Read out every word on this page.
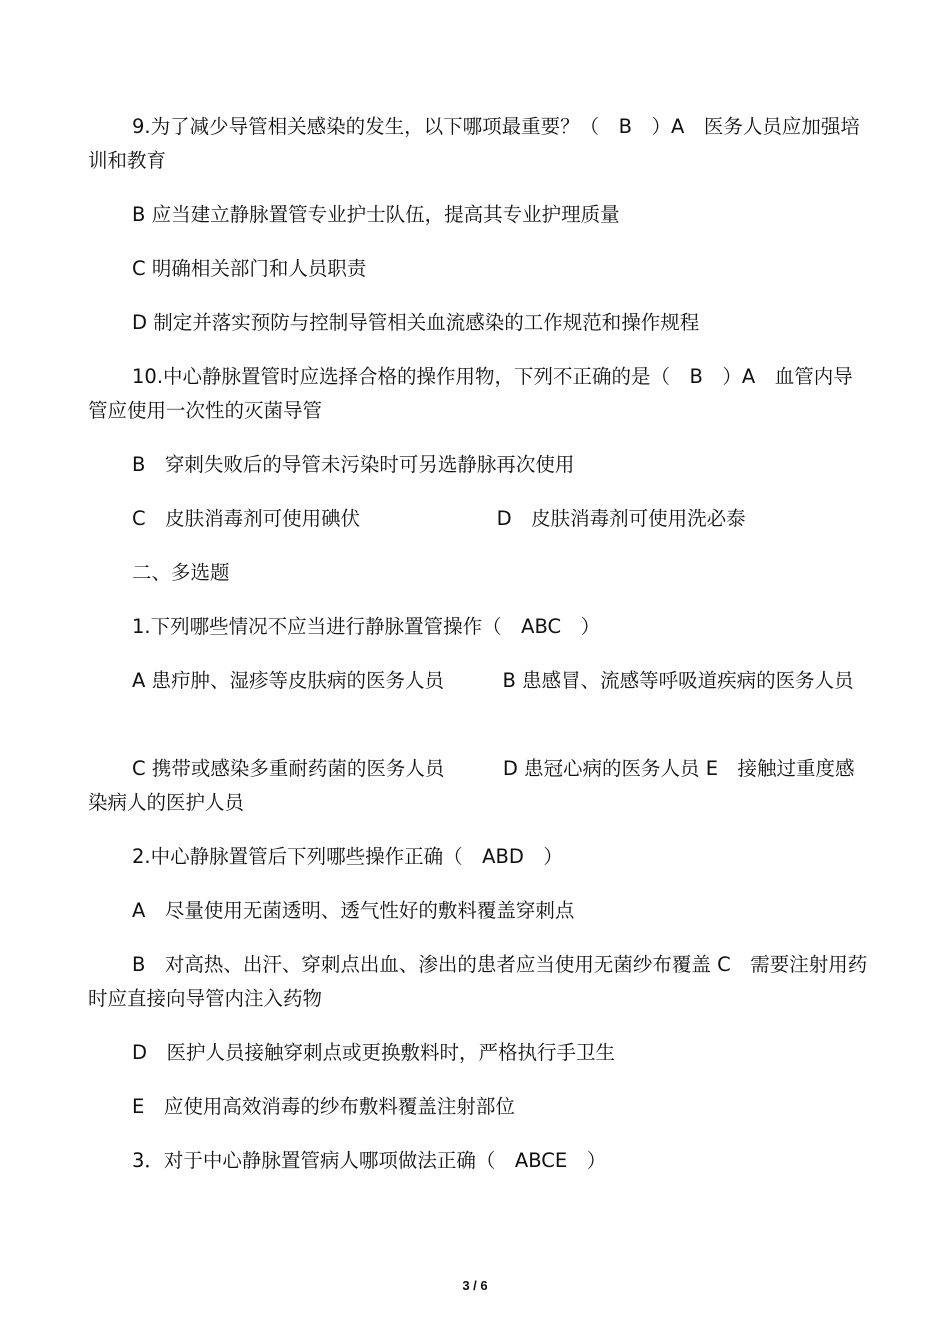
9.为了减少导管相关感染的发生，以下哪项最重要？（　B　）A　医务人员应加强培训和教育

B 应当建立静脉置管专业护士队伍，提高其专业护理质量

C 明确相关部门和人员职责

D 制定并落实预防与控制导管相关血流感染的工作规范和操作规程

10.中心静脉置管时应选择合格的操作用物，下列不正确的是（　B　）A　血管内导管应使用一次性的灭菌导管

B　穿刺失败后的导管未污染时可另选静脉再次使用

C　皮肤消毒剂可使用碘伏　　　　　　　D　皮肤消毒剂可使用洗必泰

二、多选题

1.下列哪些情况不应当进行静脉置管操作（　ABC　）

A 患疖肿、湿疹等皮肤病的医务人员　　　B 患感冒、流感等呼吸道疾病的医务人员

C 携带或感染多重耐药菌的医务人员　　　D 患冠心病的医务人员 E　接触过重度感染病人的医护人员

2.中心静脉置管后下列哪些操作正确（　ABD　）

A　尽量使用无菌透明、透气性好的敷料覆盖穿刺点

B　对高热、出汗、穿刺点出血、渗出的患者应当使用无菌纱布覆盖 C　需要注射用药时应直接向导管内注入药物

D　医护人员接触穿刺点或更换敷料时，严格执行手卫生

E　应使用高效消毒的纱布敷料覆盖注射部位

3．对于中心静脉置管病人哪项做法正确（　ABCE　）

3 / 6
